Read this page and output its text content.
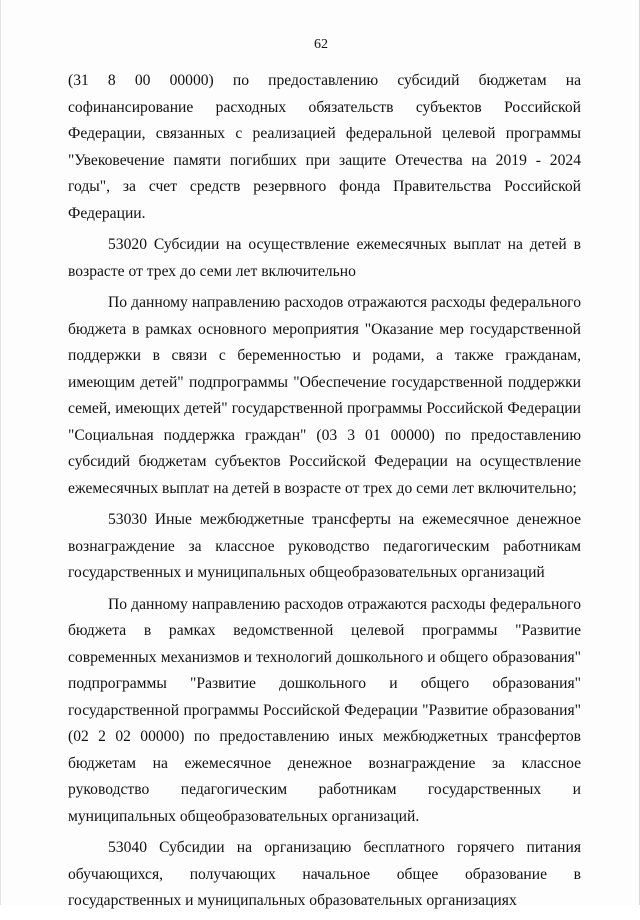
62

(31 8 00 00000) по предоставлению субсидий бюджетам на софинансирование расходных обязательств субъектов Российской Федерации, связанных с реализацией федеральной целевой программы "Увековечение памяти погибших при защите Отечества на 2019 - 2024 годы", за счет средств резервного фонда Правительства Российской Федерации.

53020 Субсидии на осуществление ежемесячных выплат на детей в возрасте от трех до семи лет включительно

По данному направлению расходов отражаются расходы федерального бюджета в рамках основного мероприятия "Оказание мер государственной поддержки в связи с беременностью и родами, а также гражданам, имеющим детей" подпрограммы "Обеспечение государственной поддержки семей, имеющих детей" государственной программы Российской Федерации "Социальная поддержка граждан" (03 3 01 00000) по предоставлению субсидий бюджетам субъектов Российской Федерации на осуществление ежемесячных выплат на детей в возрасте от трех до семи лет включительно;

53030 Иные межбюджетные трансферты на ежемесячное денежное вознаграждение за классное руководство педагогическим работникам государственных и муниципальных общеобразовательных организаций

По данному направлению расходов отражаются расходы федерального бюджета в рамках ведомственной целевой программы "Развитие современных механизмов и технологий дошкольного и общего образования" подпрограммы "Развитие дошкольного и общего образования" государственной программы Российской Федерации "Развитие образования" (02 2 02 00000) по предоставлению иных межбюджетных трансфертов бюджетам на ежемесячное денежное вознаграждение за классное руководство педагогическим работникам государственных и муниципальных общеобразовательных организаций.

53040 Субсидии на организацию бесплатного горячего питания обучающихся, получающих начальное общее образование в государственных и муниципальных образовательных организациях
